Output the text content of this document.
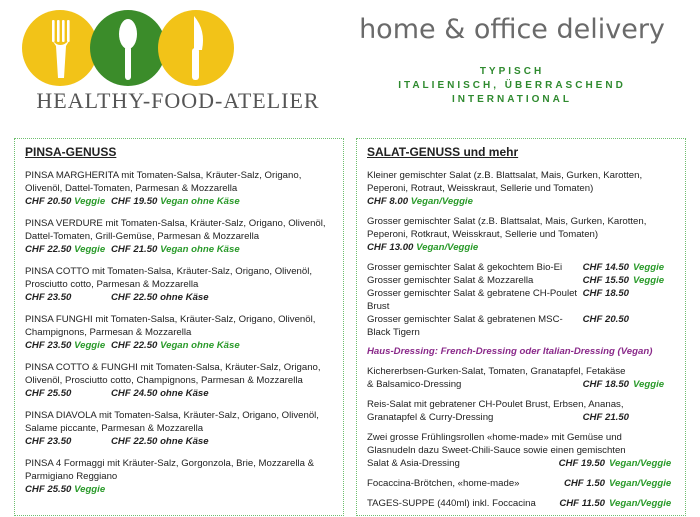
HEALTHY-FOOD-ATELIER
home & office delivery
TYPISCH
ITALIENISCH, ÜBERRASCHEND
INTERNATIONAL
PINSA-GENUSS
PINSA MARGHERITA mit Tomaten-Salsa, Kräuter-Salz, Origano, Olivenöl, Dattel-Tomaten, Parmesan & Mozzarella
CHF 20.50 Veggie CHF 19.50 Vegan ohne Käse
PINSA VERDURE mit Tomaten-Salsa, Kräuter-Salz, Origano, Olivenöl, Dattel-Tomaten, Grill-Gemüse, Parmesan & Mozzarella
CHF 22.50 Veggie CHF 21.50 Vegan ohne Käse
PINSA COTTO mit Tomaten-Salsa, Kräuter-Salz, Origano, Olivenöl, Prosciutto cotto, Parmesan & Mozzarella
CHF 23.50	CHF 22.50 ohne Käse
PINSA FUNGHI mit Tomaten-Salsa, Kräuter-Salz, Origano, Olivenöl, Champignons, Parmesan & Mozzarella
CHF 23.50 Veggie CHF 22.50 Vegan ohne Käse
PINSA COTTO & FUNGHI mit Tomaten-Salsa, Kräuter-Salz, Origano, Olivenöl, Prosciutto cotto, Champignons, Parmesan & Mozzarella
CHF 25.50	CHF 24.50 ohne Käse
PINSA DIAVOLA mit Tomaten-Salsa, Kräuter-Salz, Origano, Olivenöl, Salame piccante, Parmesan & Mozzarella
CHF 23.50	CHF 22.50 ohne Käse
PINSA 4 Formaggi mit Kräuter-Salz, Gorgonzola, Brie, Mozzarella & Parmigiano Reggiano
CHF 25.50 Veggie
SALAT-GENUSS und mehr
Kleiner gemischter Salat (z.B. Blattsalat, Mais, Gurken, Karotten, Peperoni, Rotraut, Weisskraut, Sellerie und Tomaten)
CHF 8.00 Vegan/Veggie
Grosser gemischter Salat (z.B. Blattsalat, Mais, Gurken, Karotten, Peperoni, Rotkraut, Weisskraut, Sellerie und Tomaten)
CHF 13.00 Vegan/Veggie
Grosser gemischter Salat & gekochtem Bio-Ei	CHF 14.50 Veggie
Grosser gemischter Salat & Mozzarella	CHF 15.50 Veggie
Grosser gemischter Salat & gebratene CH-Poulet Brust
CHF 18.50
Grosser gemischter Salat & gebratenen MSC-Black Tigern
CHF 20.50
Haus-Dressing: French-Dressing oder Italian-Dressing (Vegan)
Kichererbsen-Gurken-Salat, Tomaten, Granatapfel, Fetakäse
& Balsamico-Dressing	CHF 18.50 Veggie
Reis-Salat mit gebratener CH-Poulet Brust, Erbsen, Ananas,
Granatapfel & Curry-Dressing	CHF 21.50
Zwei grosse Frühlingsrollen «home-made» mit Gemüse und
Glasnudeln dazu Sweet-Chili-Sauce sowie einen gemischten
Salat & Asia-Dressing	CHF 19.50 Vegan/Veggie
Focaccina-Brötchen, «home-made»	CHF 1.50 Vegan/Veggie
TAGES-SUPPE (440ml) inkl. Foccacina	CHF 11.50 Vegan/Veggie
